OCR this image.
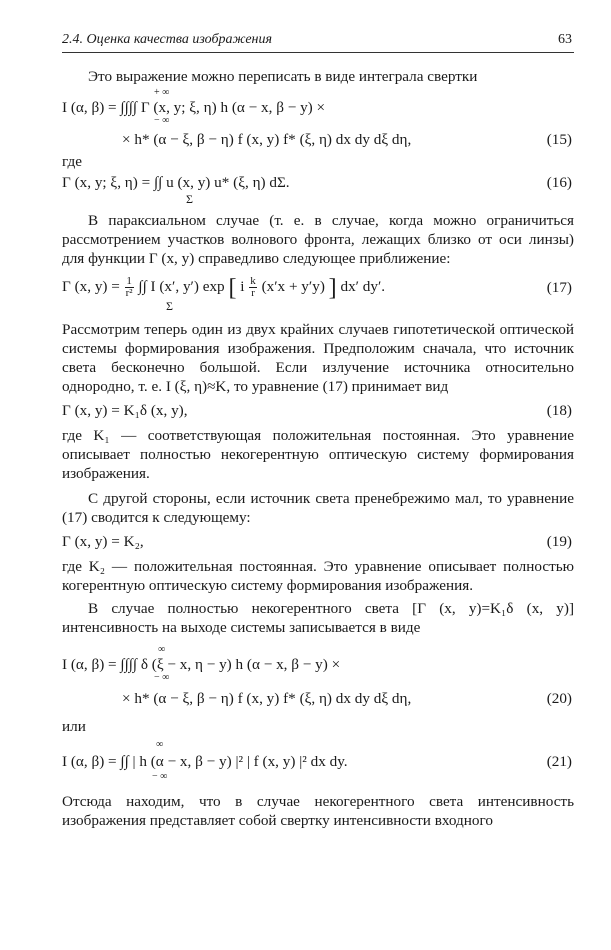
2.4. Оценка качества изображения	63

Это выражение можно переписать в виде интеграла свертки

+ ∞
I (α, β) = ∫∫∫∫ Γ (x, y; ξ, η) h (α − x, β − y) ×
− ∞
× h* (α − ξ, β − η) f (x, y) f* (ξ, η) dx dy dξ dη,	(15)

где

Γ (x, y; ξ, η) = ∫∫ u (x, y) u* (ξ, η) dΣ.
Σ
(16)

В параксиальном случае (т. е. в случае, когда можно ограничиться рассмотрением участков волнового фронта, лежащих близко от оси линзы) для функции Γ (x, y) справедливо следующее приближение:

Γ (x, $y) = \frac{1}{\text{r²}}$ ∫∫ I (x′, y′) exp [ i $\frac{k}{r} (x'x + y'y)$ ] dx′ dy′.
Σ
(17)

Рассмотрим теперь один из двух крайних случаев гипотетической оптической системы формирования изображения. Предположим сначала, что источник света бесконечно большой. Если излучение источника относительно однородно, т. е. I (ξ, η)≈K, то уравнение (17) принимает вид

Γ (x, y) = K₁δ (x, y),	(18)

где K₁ — соответствующая положительная постоянная. Это уравнение описывает полностью некогерентную оптическую систему формирования изображения.

С другой стороны, если источник света пренебрежимо мал, то уравнение (17) сводится к следующему:

Γ (x, y) = K₂,	(19)

где K₂ — положительная постоянная. Это уравнение описывает полностью когерентную оптическую систему формирования изображения.

В случае полностью некогерентного света [Γ (x, y)=K₁δ (x, y)] интенсивность на выходе системы записывается в виде

∞
I (α, β) = ∫∫∫∫ δ (ξ − x, η − y) h (α − x, β − y) ×
− ∞
× h* (α − ξ, β − η) f (x, y) f* (ξ, η) dx dy dξ dη,	(20)

или

∞
I (α, β) = ∫∫ | h (α − x, β − y) |² | f (x, y) |² dx dy.
− ∞
(21)

Отсюда находим, что в случае некогерентного света интенсивность изображения представляет собой свертку интенсивности входного
